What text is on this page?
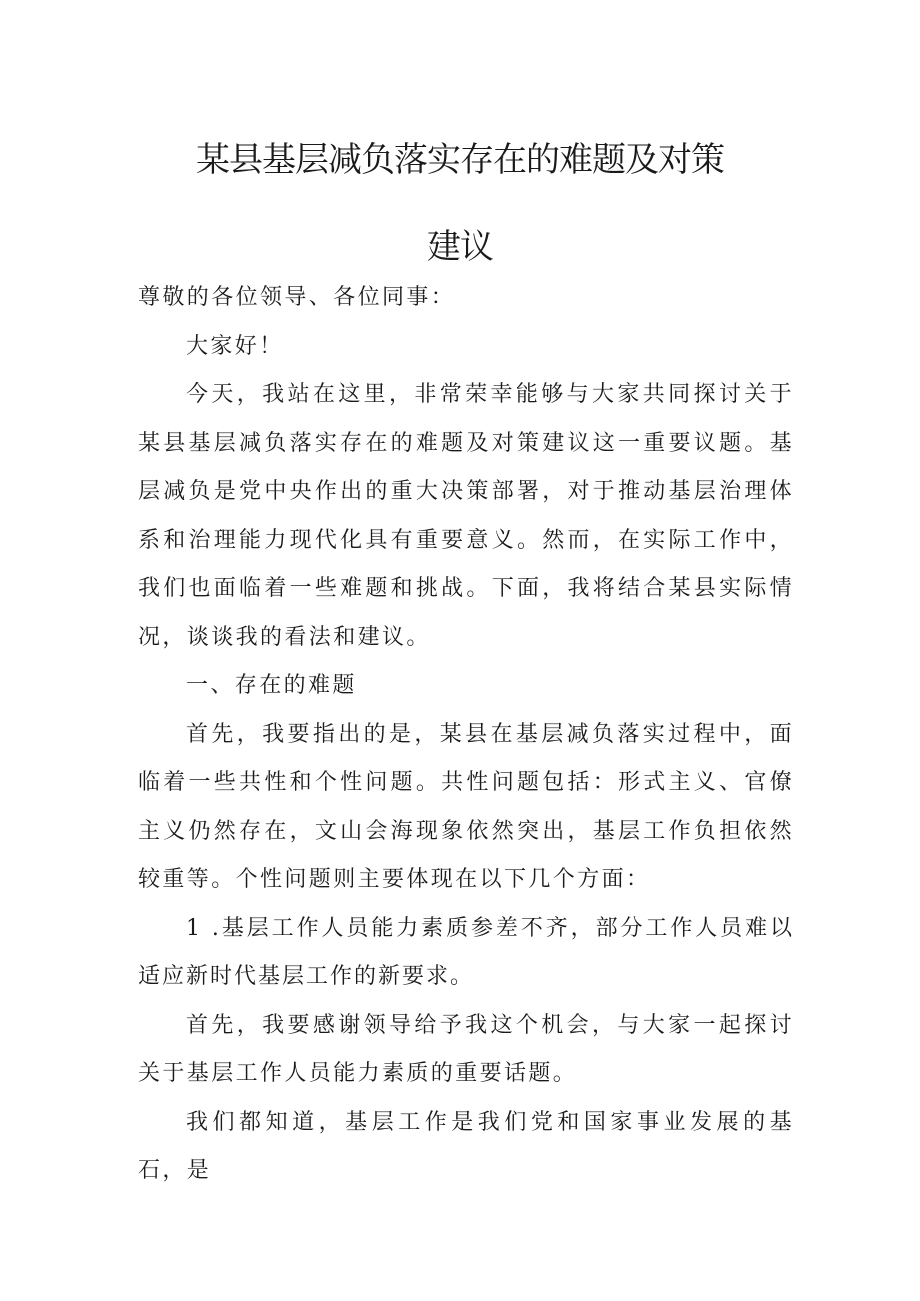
某县基层减负落实存在的难题及对策
建议

尊敬的各位领导、各位同事：

大家好！

今天，我站在这里，非常荣幸能够与大家共同探讨关于某县基层减负落实存在的难题及对策建议这一重要议题。基层减负是党中央作出的重大决策部署，对于推动基层治理体系和治理能力现代化具有重要意义。然而，在实际工作中，我们也面临着一些难题和挑战。下面，我将结合某县实际情况，谈谈我的看法和建议。

一、存在的难题

首先，我要指出的是，某县在基层减负落实过程中，面临着一些共性和个性问题。共性问题包括：形式主义、官僚主义仍然存在，文山会海现象依然突出，基层工作负担依然较重等。个性问题则主要体现在以下几个方面：

1 .基层工作人员能力素质参差不齐，部分工作人员难以适应新时代基层工作的新要求。

首先，我要感谢领导给予我这个机会，与大家一起探讨关于基层工作人员能力素质的重要话题。

我们都知道，基层工作是我们党和国家事业发展的基石，是
